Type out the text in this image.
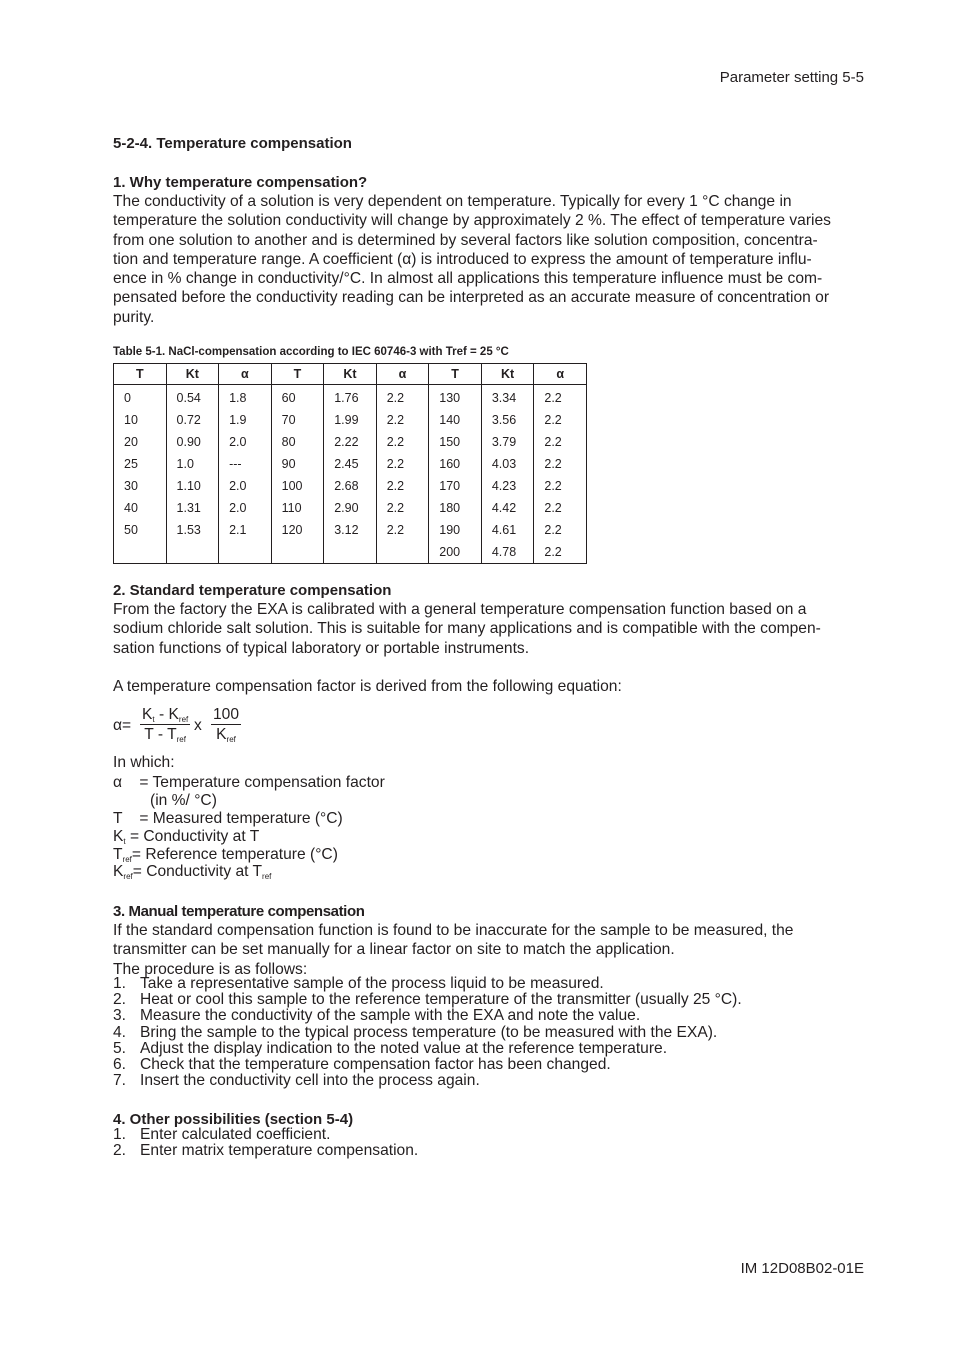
Parameter setting 5-5
5-2-4. Temperature compensation
1. Why temperature compensation?
The conductivity of a solution is very dependent on temperature. Typically for every 1 °C change in
temperature the solution conductivity will change by approximately 2 %. The effect of temperature varies
from one solution to another and is determined by several factors like solution composition, concentra-
tion and temperature range. A coefficient (α) is introduced to express the amount of temperature influ-
ence in % change in conductivity/°C. In almost all applications this temperature influence must be com-
pensated before the conductivity reading can be interpreted as an accurate measure of concentration or
purity.
Table 5-1. NaCl-compensation according to IEC 60746-3 with Tref = 25 °C
T	Kt	α	T	Kt	α	T	Kt	α
0	0.54	1.8	60	1.76	2.2	130	3.34	2.2
10	0.72	1.9	70	1.99	2.2	140	3.56	2.2
20	0.90	2.0	80	2.22	2.2	150	3.79	2.2
25	1.0	---	90	2.45	2.2	160	4.03	2.2
30	1.10	2.0	100	2.68	2.2	170	4.23	2.2
40	1.31	2.0	110	2.90	2.2	180	4.42	2.2
50	1.53	2.1	120	3.12	2.2	190	4.61	2.2
						200	4.78	2.2
2. Standard temperature compensation
From the factory the EXA is calibrated with a general temperature compensation function based on a
sodium chloride salt solution. This is suitable for many applications and is compatible with the compen-
sation functions of typical laboratory or portable instruments.
A temperature compensation factor is derived from the following equation:
α=
$K_t - K_{ref}$
T - $T_{ref}$
x
100
$K_{ref}$
In which:
α = Temperature compensation factor
(in %/ °C)
T = Measured temperature (°C)
$K_t$ = Conductivity at T
$T_{ref}=$ Reference temperature (°C)
$K_{ref}=$ Conductivity at $T_{ref}$
3. Manual temperature compensation
If the standard compensation function is found to be inaccurate for the sample to be measured, the
transmitter can be set manually for a linear factor on site to match the application.
The procedure is as follows:
1. Take a representative sample of the process liquid to be measured.
2. Heat or cool this sample to the reference temperature of the transmitter (usually 25 °C).
3. Measure the conductivity of the sample with the EXA and note the value.
4. Bring the sample to the typical process temperature (to be measured with the EXA).
5. Adjust the display indication to the noted value at the reference temperature.
6. Check that the temperature compensation factor has been changed.
7. Insert the conductivity cell into the process again.
4. Other possibilities (section 5-4)
1. Enter calculated coefficient.
2. Enter matrix temperature compensation.
IM 12D08B02-01E
